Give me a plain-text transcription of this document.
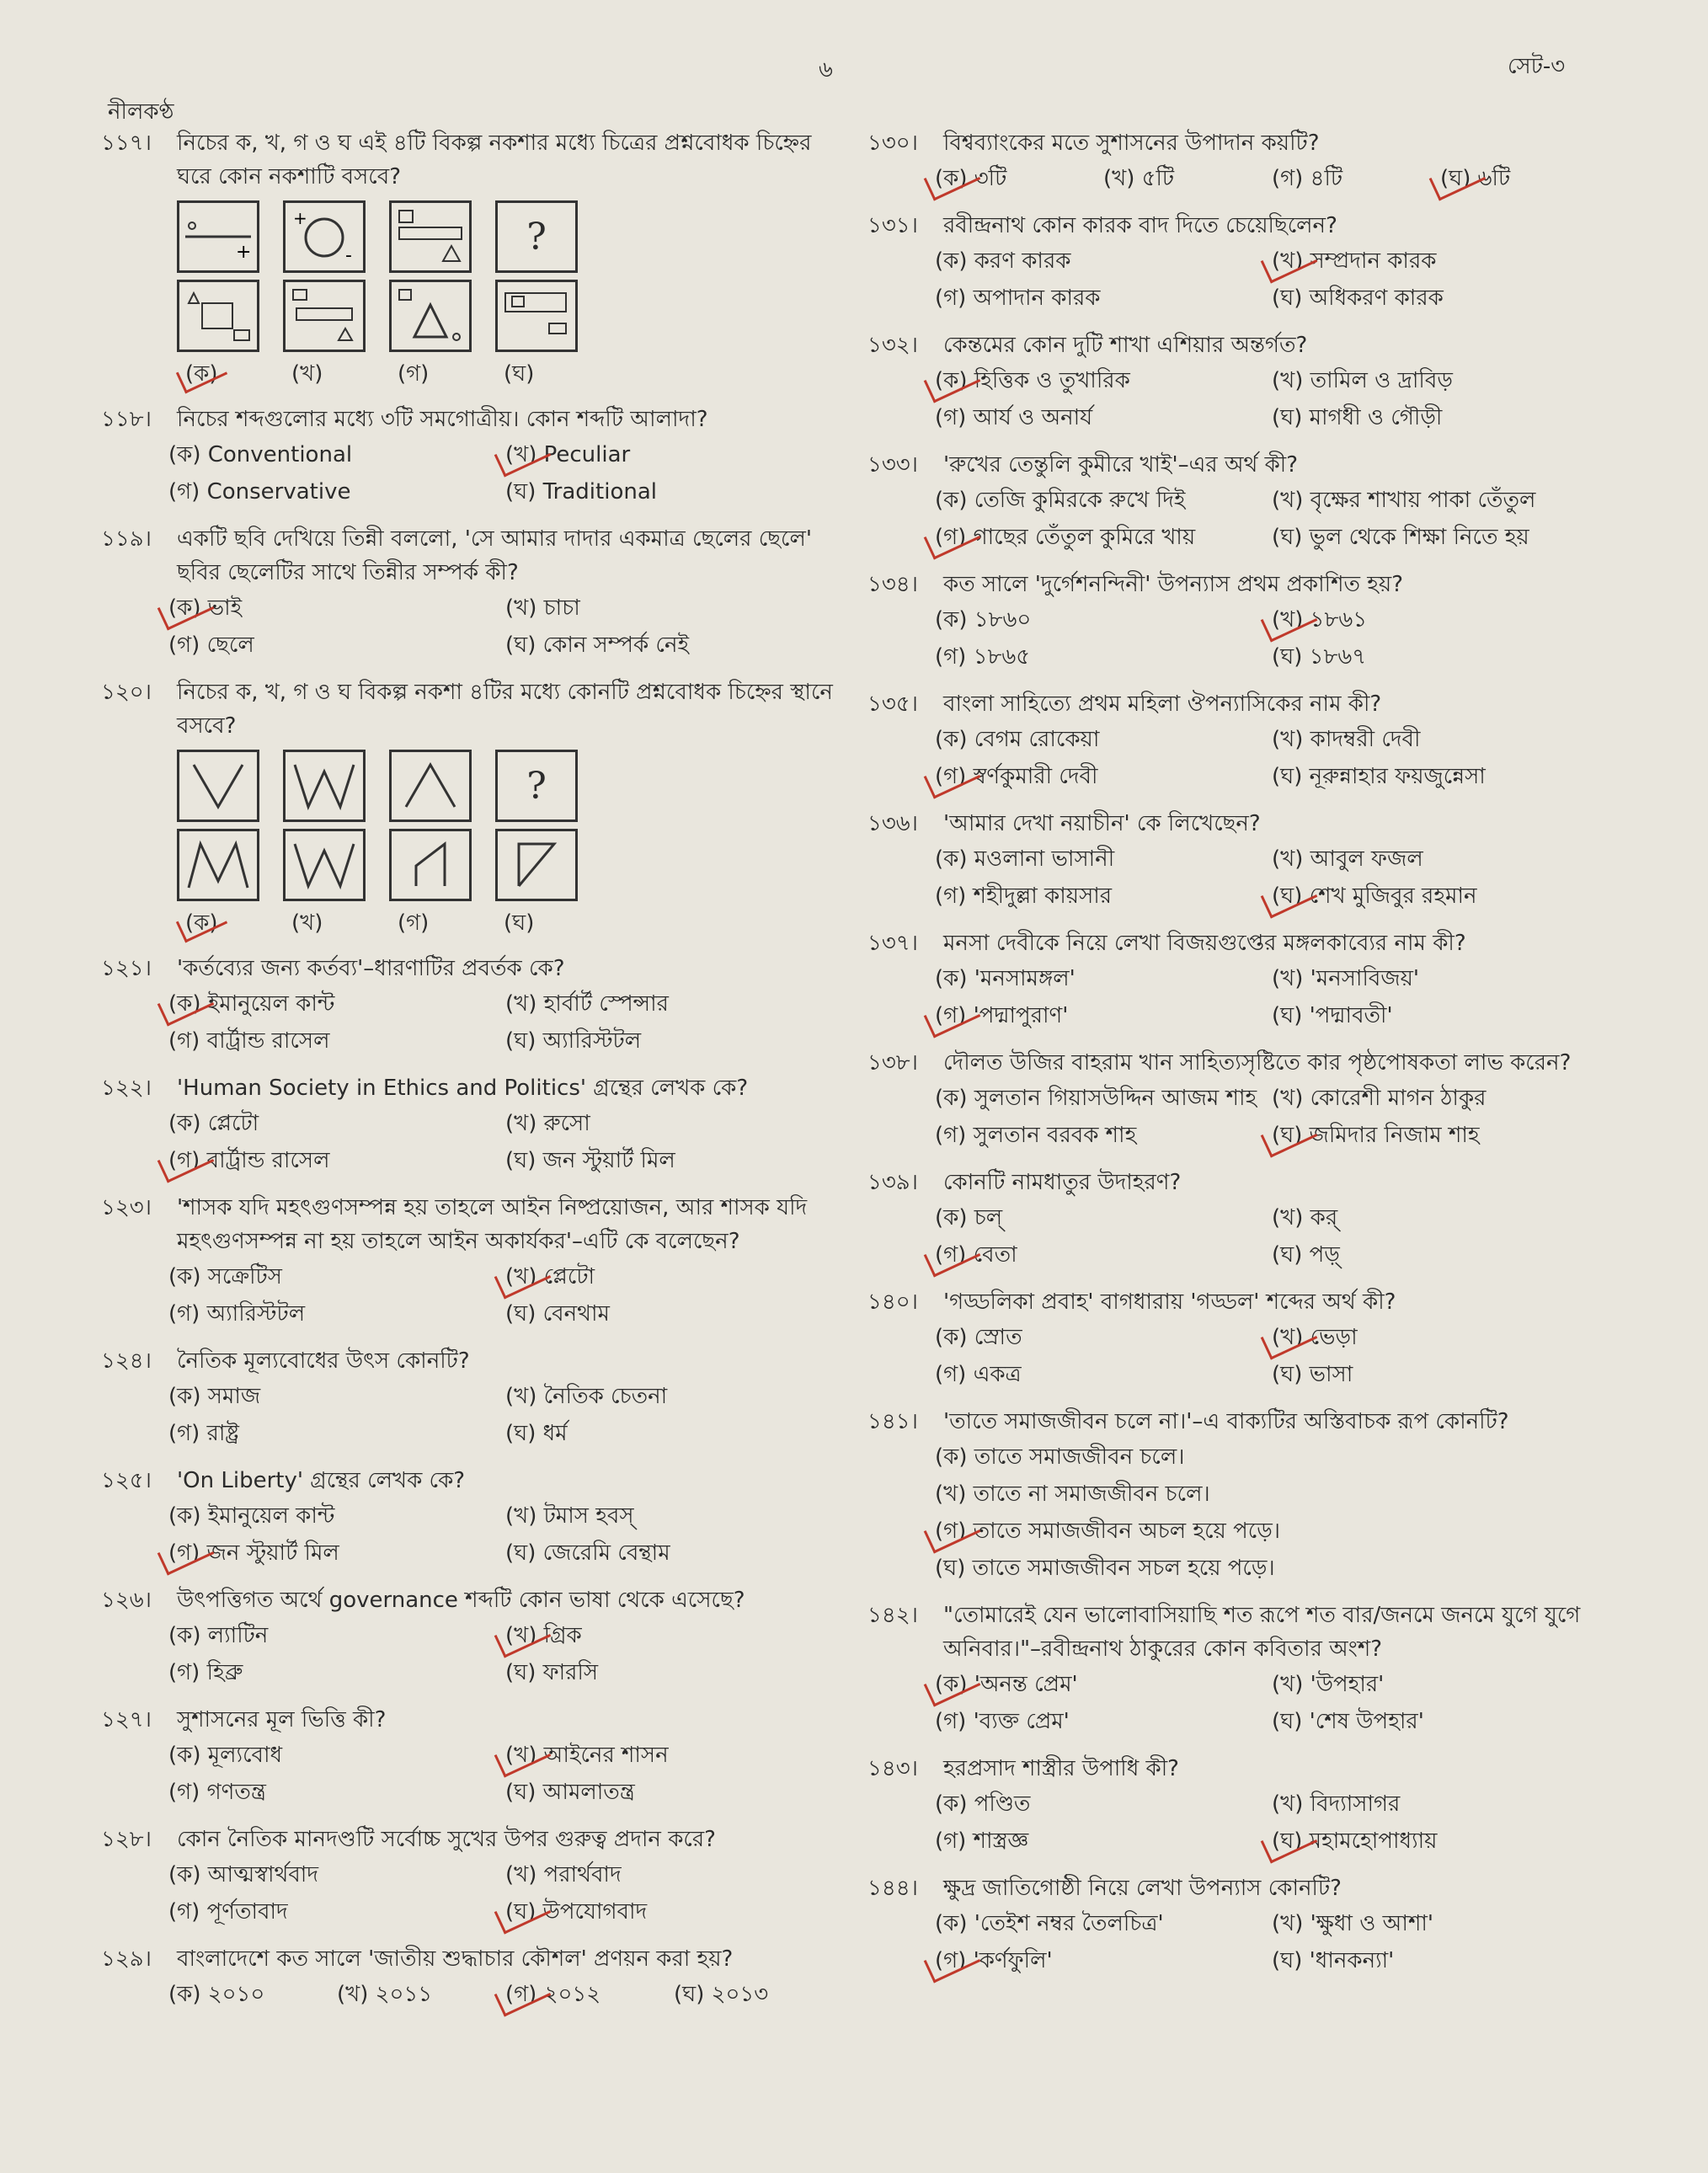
নীলকণ্ঠ
৬	সেট-৩
১১৭।	নিচের ক, খ, গ ও ঘ এই ৪টি বিকল্প নকশার মধ্যে চিত্রের প্রশ্নবোধক চিহ্নের ঘরে কোন নকশাটি বসবে?
+
+
-	?
(ক)	(খ)	(গ)	(ঘ)
১১৮।	নিচের শব্দগুলোর মধ্যে ৩টি সমগোত্রীয়। কোন শব্দটি আলাদা?
(ক) Conventional	(খ) Peculiar
(গ) Conservative	(ঘ) Traditional
১১৯।	একটি ছবি দেখিয়ে তিন্নী বললো, 'সে আমার দাদার একমাত্র ছেলের ছেলে' ছবির ছেলেটির সাথে তিন্নীর সম্পর্ক কী?
(ক) ভাই	(খ) চাচা
(গ) ছেলে	(ঘ) কোন সম্পর্ক নেই
১২০।	নিচের ক, খ, গ ও ঘ বিকল্প নকশা ৪টির মধ্যে কোনটি প্রশ্নবোধক চিহ্নের স্থানে বসবে?
?
(ক)	(খ)	(গ)	(ঘ)
১২১।	'কর্তব্যের জন্য কর্তব্য'–ধারণাটির প্রবর্তক কে?
(ক) ইমানুয়েল কান্ট	(খ) হার্বার্ট স্পেন্সার
(গ) বার্ট্রান্ড রাসেল	(ঘ) অ্যারিস্টটল
১২২।	'Human Society in Ethics and Politics' গ্রন্থের লেখক কে?
(ক) প্লেটো	(খ) রুসো
(গ) বার্ট্রান্ড রাসেল	(ঘ) জন স্টুয়ার্ট মিল
১২৩।	'শাসক যদি মহৎগুণসম্পন্ন হয় তাহলে আইন নিষ্প্রয়োজন, আর শাসক যদি মহৎগুণসম্পন্ন না হয় তাহলে আইন অকার্যকর'–এটি কে বলেছেন?
(ক) সক্রেটিস	(খ) প্লেটো
(গ) অ্যারিস্টটল	(ঘ) বেনথাম
১২৪।	নৈতিক মূল্যবোধের উৎস কোনটি?
(ক) সমাজ	(খ) নৈতিক চেতনা
(গ) রাষ্ট্র	(ঘ) ধর্ম
১২৫।	'On Liberty' গ্রন্থের লেখক কে?
(ক) ইমানুয়েল কান্ট	(খ) টমাস হবস্
(গ) জন স্টুয়ার্ট মিল	(ঘ) জেরেমি বেন্থাম
১২৬।	উৎপত্তিগত অর্থে governance শব্দটি কোন ভাষা থেকে এসেছে?
(ক) ল্যাটিন	(খ) গ্রিক
(গ) হিব্রু	(ঘ) ফারসি
১২৭।	সুশাসনের মূল ভিত্তি কী?
(ক) মূল্যবোধ	(খ) আইনের শাসন
(গ) গণতন্ত্র	(ঘ) আমলাতন্ত্র
১২৮।	কোন নৈতিক মানদণ্ডটি সর্বোচ্চ সুখের উপর গুরুত্ব প্রদান করে?
(ক) আত্মস্বার্থবাদ	(খ) পরার্থবাদ
(গ) পূর্ণতাবাদ	(ঘ) উপযোগবাদ
১২৯।	বাংলাদেশে কত সালে 'জাতীয় শুদ্ধাচার কৌশল' প্রণয়ন করা হয়?
(ক) ২০১০	(খ) ২০১১	(গ) ২০১২	(ঘ) ২০১৩
১৩০।	বিশ্বব্যাংকের মতে সুশাসনের উপাদান কয়টি?
(ক) ৩টি	(খ) ৫টি	(গ) ৪টি	(ঘ) ৬টি
১৩১।	রবীন্দ্রনাথ কোন কারক বাদ দিতে চেয়েছিলেন?
(ক) করণ কারক	(খ) সম্প্রদান কারক
(গ) অপাদান কারক	(ঘ) অধিকরণ কারক
১৩২।	কেন্তমের কোন দুটি শাখা এশিয়ার অন্তর্গত?
(ক) হিত্তিক ও তুখারিক	(খ) তামিল ও দ্রাবিড়
(গ) আর্য ও অনার্য	(ঘ) মাগধী ও গৌড়ী
১৩৩।	'রুখের তেন্তুলি কুমীরে খাই'–এর অর্থ কী?
(ক) তেজি কুমিরকে রুখে দিই	(খ) বৃক্ষের শাখায় পাকা তেঁতুল
(গ) গাছের তেঁতুল কুমিরে খায়	(ঘ) ভুল থেকে শিক্ষা নিতে হয়
১৩৪।	কত সালে 'দুর্গেশনন্দিনী' উপন্যাস প্রথম প্রকাশিত হয়?
(ক) ১৮৬০	(খ) ১৮৬১
(গ) ১৮৬৫	(ঘ) ১৮৬৭
১৩৫।	বাংলা সাহিত্যে প্রথম মহিলা ঔপন্যাসিকের নাম কী?
(ক) বেগম রোকেয়া	(খ) কাদম্বরী দেবী
(গ) স্বর্ণকুমারী দেবী	(ঘ) নূরুন্নাহার ফয়জুন্নেসা
১৩৬।	'আমার দেখা নয়াচীন' কে লিখেছেন?
(ক) মওলানা ভাসানী	(খ) আবুল ফজল
(গ) শহীদুল্লা কায়সার	(ঘ) শেখ মুজিবুর রহমান
১৩৭।	মনসা দেবীকে নিয়ে লেখা বিজয়গুপ্তের মঙ্গলকাব্যের নাম কী?
(ক) 'মনসামঙ্গল'	(খ) 'মনসাবিজয়'
(গ) 'পদ্মাপুরাণ'	(ঘ) 'পদ্মাবতী'
১৩৮।	দৌলত উজির বাহরাম খান সাহিত্যসৃষ্টিতে কার পৃষ্ঠপোষকতা লাভ করেন?
(ক) সুলতান গিয়াসউদ্দিন আজম শাহ (খ) কোরেশী মাগন ঠাকুর
(গ) সুলতান বরবক শাহ	(ঘ) জমিদার নিজাম শাহ
১৩৯।	কোনটি নামধাতুর উদাহরণ?
(ক) চল্	(খ) কর্
(গ) বেতা	(ঘ) পড়্
১৪০।	'গড্ডলিকা প্রবাহ' বাগধারায় 'গড্ডল' শব্দের অর্থ কী?
(ক) স্রোত	(খ) ভেড়া
(গ) একত্র	(ঘ) ভাসা
১৪১।	'তাতে সমাজজীবন চলে না।'–এ বাক্যটির অস্তিবাচক রূপ কোনটি?
(ক) তাতে সমাজজীবন চলে।
(খ) তাতে না সমাজজীবন চলে।
(গ) তাতে সমাজজীবন অচল হয়ে পড়ে।
(ঘ) তাতে সমাজজীবন সচল হয়ে পড়ে।
১৪২।	"তোমারেই যেন ভালোবাসিয়াছি শত রূপে শত বার/জনমে জনমে যুগে যুগে অনিবার।"–রবীন্দ্রনাথ ঠাকুরের কোন কবিতার অংশ?
(ক) 'অনন্ত প্রেম'	(খ) 'উপহার'
(গ) 'ব্যক্ত প্রেম'	(ঘ) 'শেষ উপহার'
১৪৩।	হরপ্রসাদ শাস্ত্রীর উপাধি কী?
(ক) পণ্ডিত	(খ) বিদ্যাসাগর
(গ) শাস্ত্রজ্ঞ	(ঘ) মহামহোপাধ্যায়
১৪৪।	ক্ষুদ্র জাতিগোষ্ঠী নিয়ে লেখা উপন্যাস কোনটি?
(ক) 'তেইশ নম্বর তৈলচিত্র'	(খ) 'ক্ষুধা ও আশা'
(গ) 'কর্ণফুলি'	(ঘ) 'ধানকন্যা'
